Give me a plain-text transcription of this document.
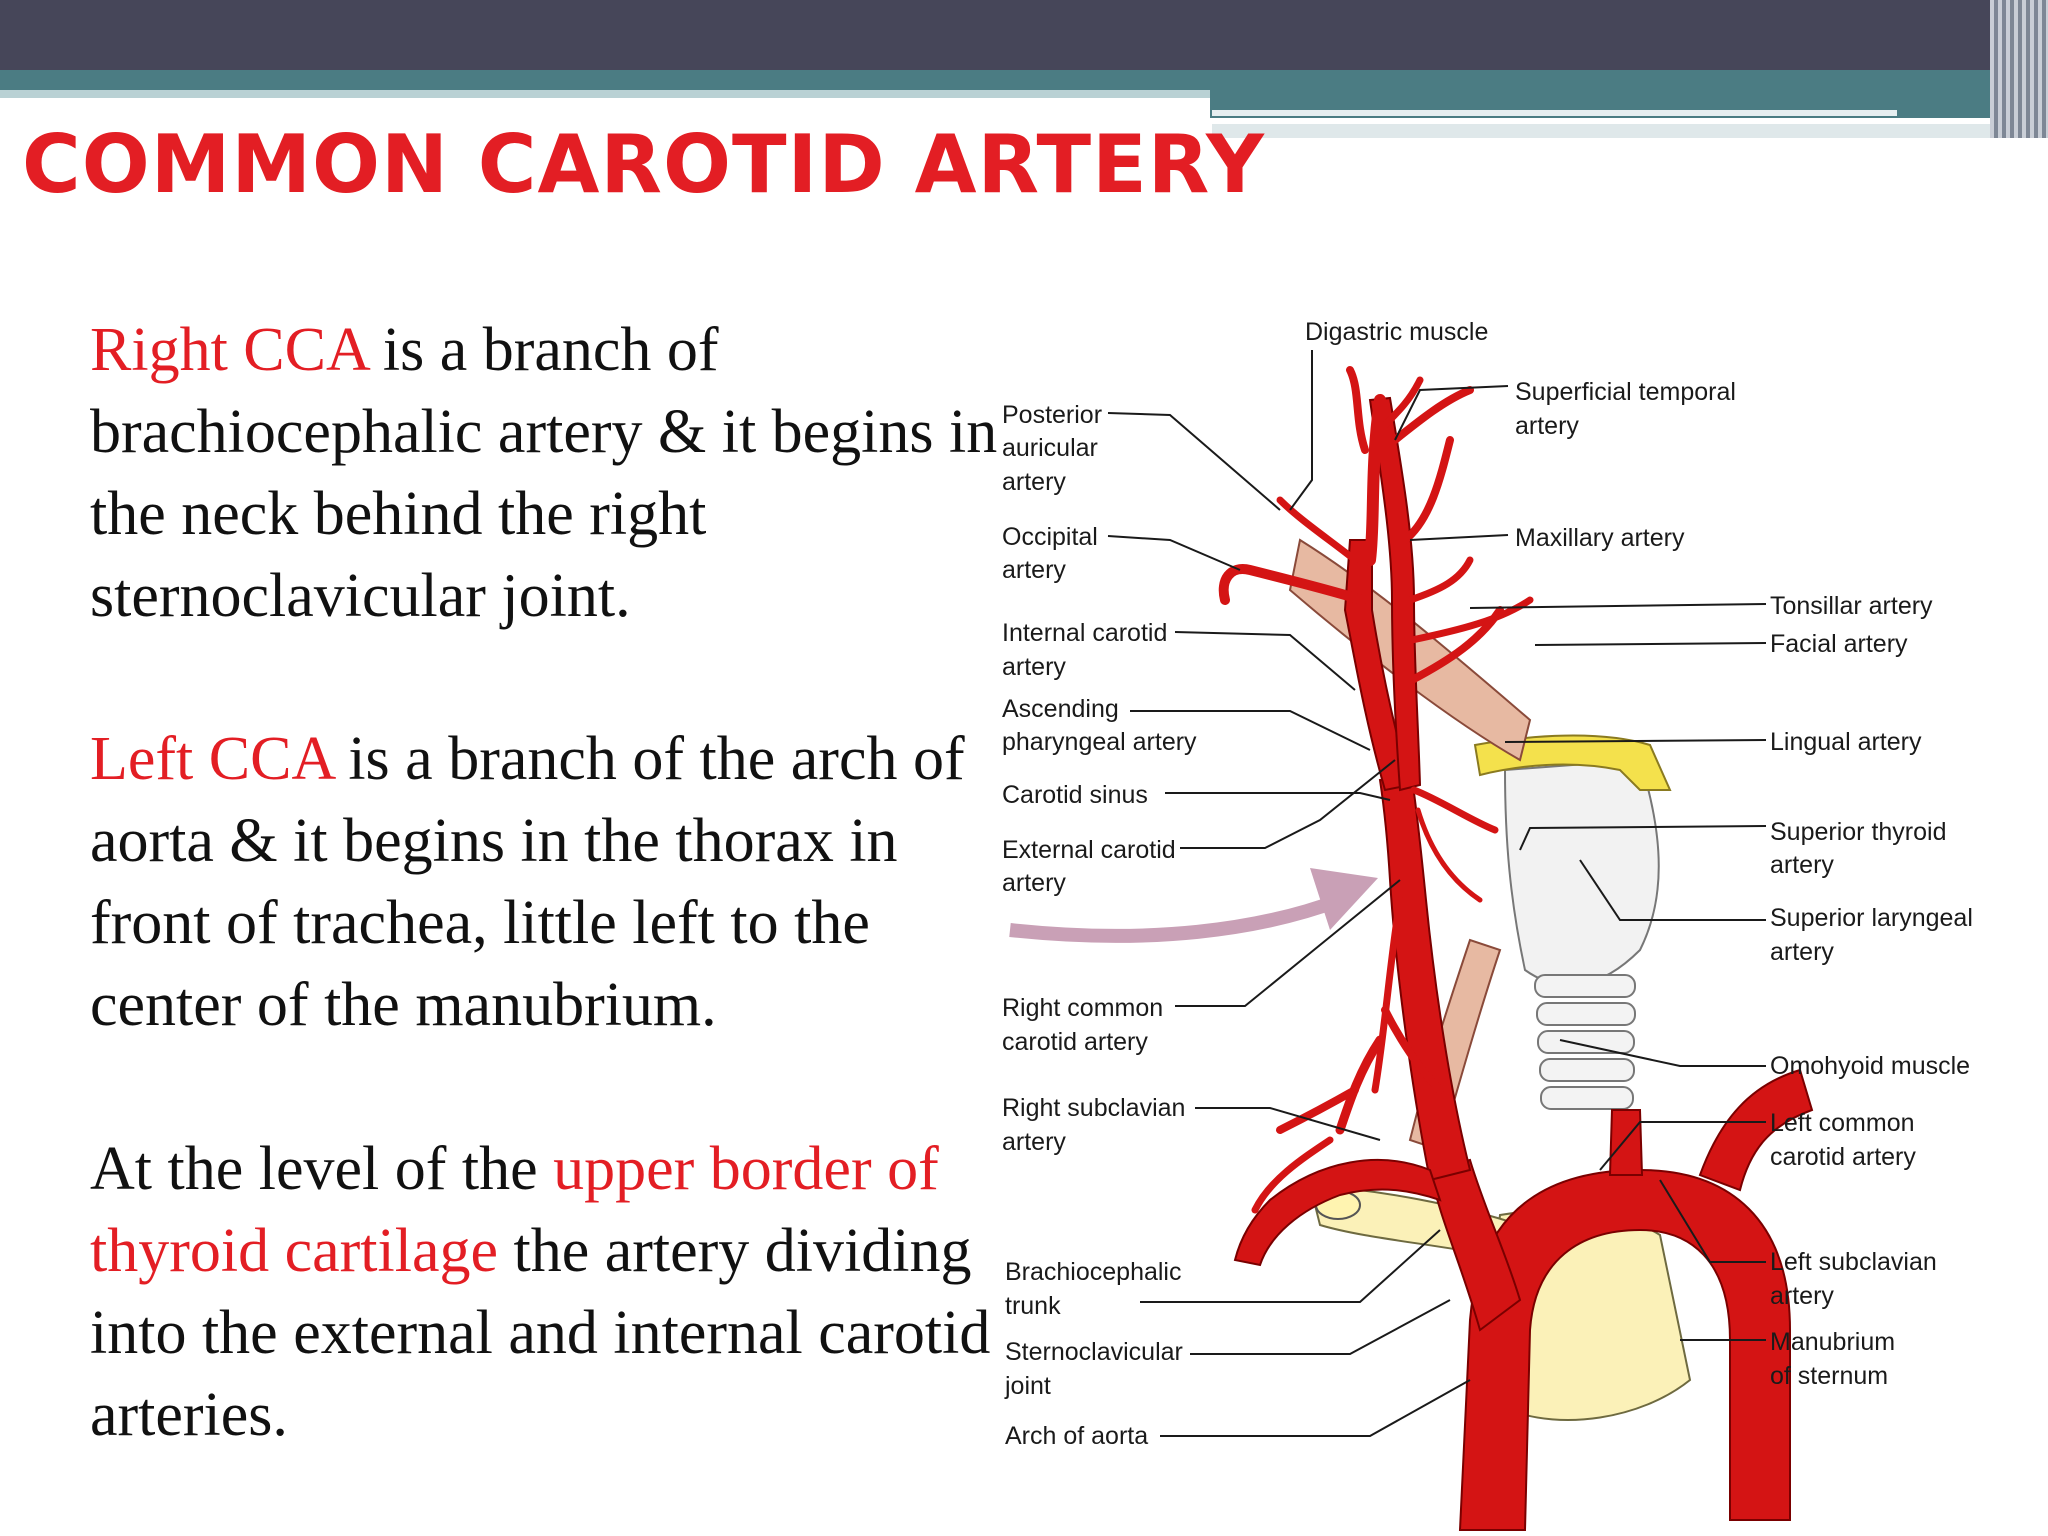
COMMON CAROTID ARTERY

Right CCA is a branch of brachiocephalic artery & it begins in the neck behind the right sternoclavicular joint.

Left CCA is a branch of the arch of aorta & it begins in the thorax in front of trachea, little left to the center of the manubrium.

At the level of the upper border of thyroid cartilage the artery dividing into the external and internal carotid arteries.

Digastric muscle
Superficial temporal
artery
Posterior
auricular
artery
Occipital
artery
Maxillary artery
Tonsillar artery
Facial artery
Internal carotid
artery
Ascending
pharyngeal artery	Lingual artery
Carotid sinus
Superior thyroid
artery
External carotid
artery
Superior laryngeal
artery
Right common
carotid artery
Omohyoid muscle
Right subclavian
artery
Left common
carotid artery
Left subclavian
artery
Brachiocephalic
trunk
Manubrium
of sternum
Sternoclavicular
joint
Arch of aorta
